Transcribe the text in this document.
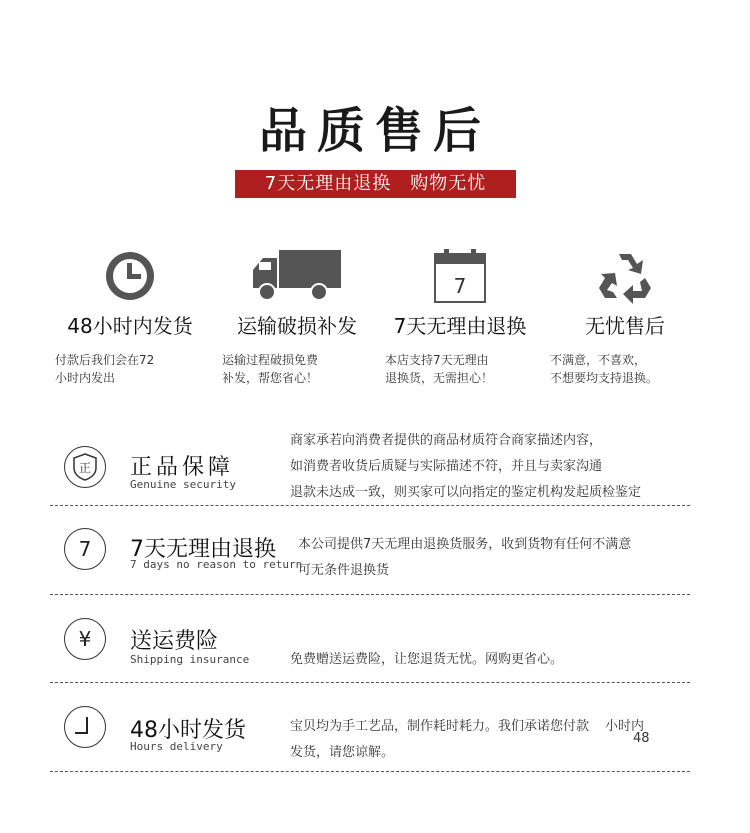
品质售后
7天无理由退换　购物无忧
48小时内发货
付款后我们会在72
小时内发出
运输破损补发
运输过程破损免费
补发，帮您省心！
7
7天无理由退换
本店支持7天无理由
退换货，无需担心！
无忧售后
不满意，不喜欢，
不想要均支持退换。
正 正品保障
Genuine security
商家承若向消费者提供的商品材质符合商家描述内容，
如消费者收货后质疑与实际描述不符，并且与卖家沟通
退款未达成一致，则买家可以向指定的鉴定机构发起质检鉴定
7 7天无理由退换
7 days no reason to return
本公司提供7天无理由退换货服务，收到货物有任何不满意
可无条件退换货
¥ 送运费险
Shipping insurance	免费赠送运费险，让您退货无忧。网购更省心。
48小时发货
Hours delivery
宝贝均为手工艺品，制作耗时耗力。我们承诺您付款 小时内
发货，请您谅解。
48
